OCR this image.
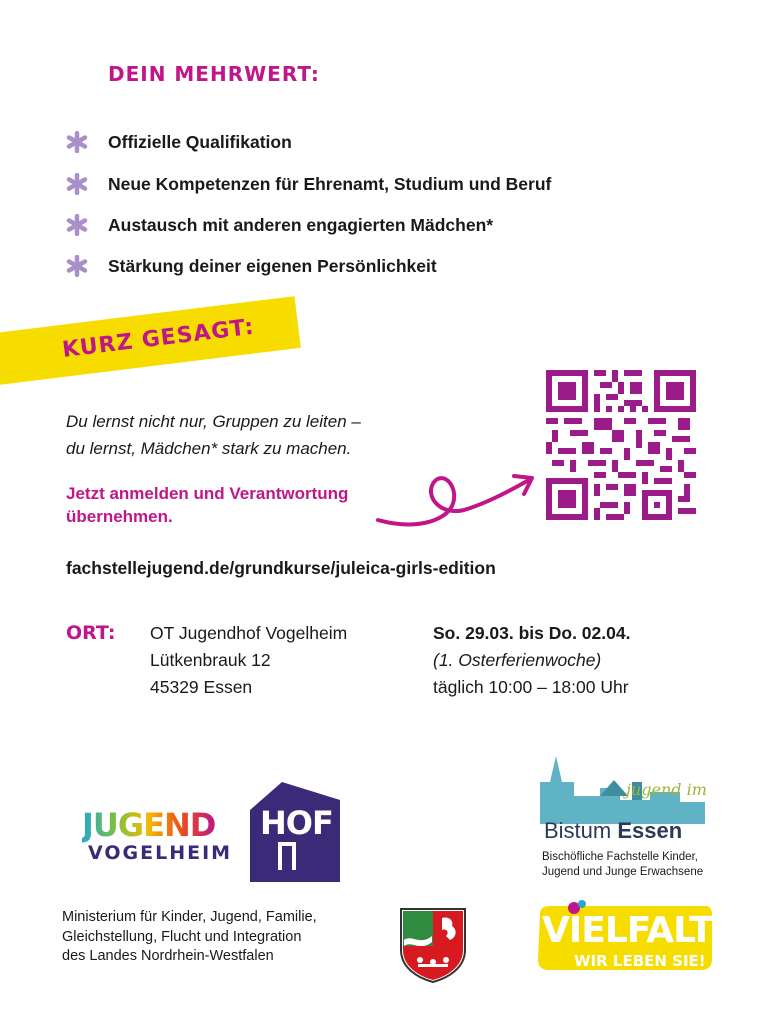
DEIN MEHRWERT:
Offizielle Qualifikation
Neue Kompetenzen für Ehrenamt, Studium und Beruf
Austausch mit anderen engagierten Mädchen*
Stärkung deiner eigenen Persönlichkeit
KURZ GESAGT:
Du lernst nicht nur, Gruppen zu leiten –
du lernst, Mädchen* stark zu machen.
Jetzt anmelden und Verantwortung
übernehmen.
fachstellejugend.de/grundkurse/juleica-girls-edition
ORT: OT Jugendhof Vogelheim
Lütkenbrauk 12
45329 Essen
So. 29.03. bis Do. 02.04.
(1. Osterferienwoche)
täglich 10:00 – 18:00 Uhr
JUGEND HOF
VOGELHEIM
jugend im
Bistum Essen
Bischöfliche Fachstelle Kinder,
Jugend und Junge Erwachsene
Ministerium für Kinder, Jugend, Familie,
Gleichstellung, Flucht und Integration
des Landes Nordrhein-Westfalen
VIELFALT
WIR LEBEN SIE!
